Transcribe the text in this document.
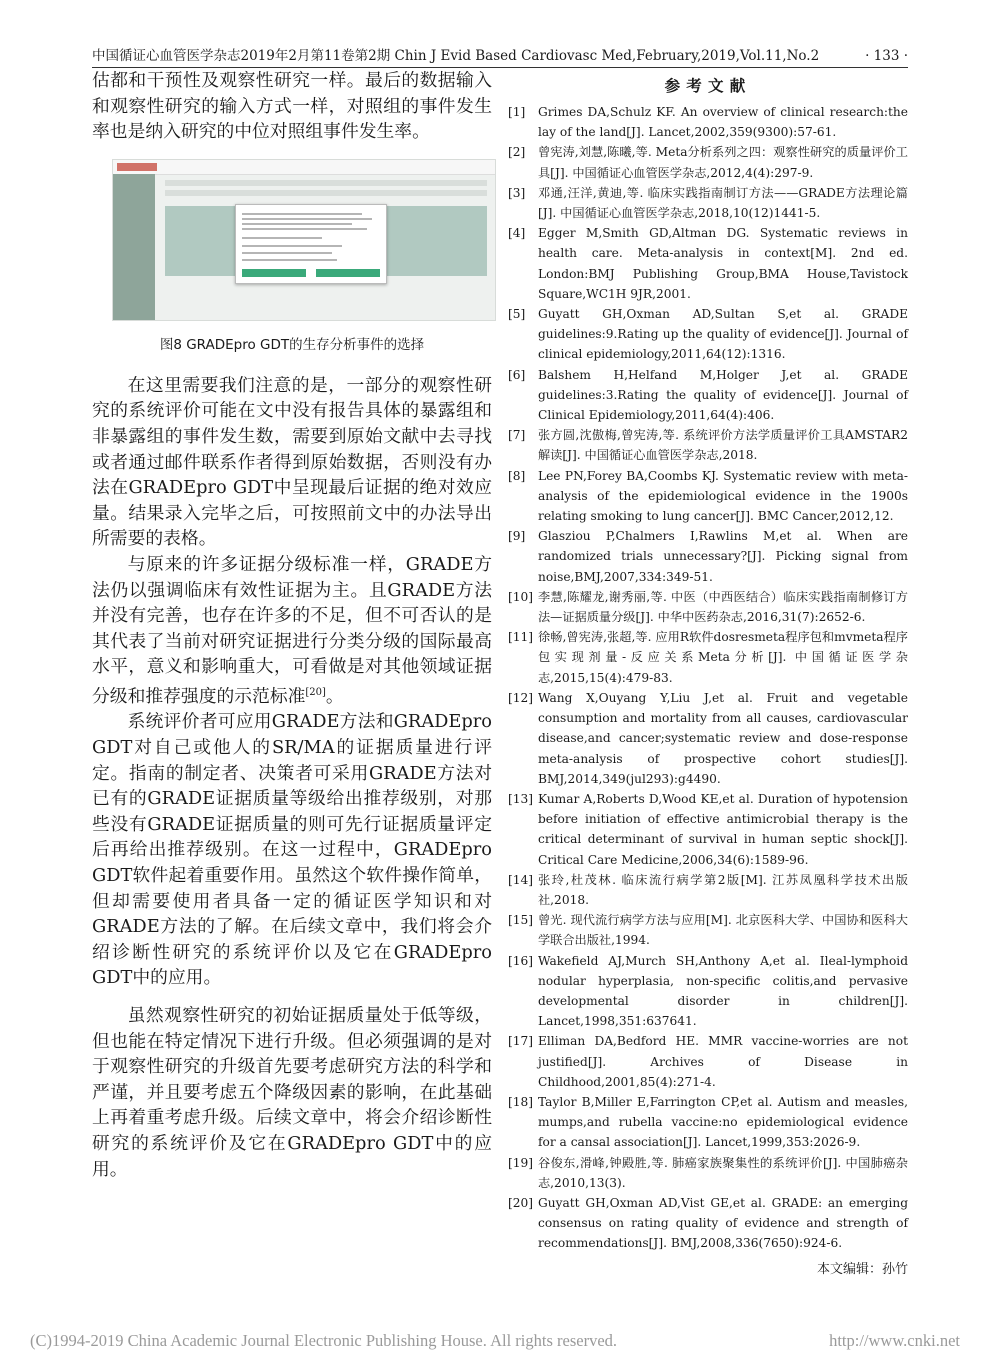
中国循证心血管医学杂志2019年2月第11卷第2期 Chin J Evid Based Cardiovasc Med,February,2019,Vol.11,No.2	· 133 ·

估都和干预性及观察性研究一样。最后的数据输入和观察性研究的输入方式一样，对照组的事件发生率也是纳入研究的中位对照组事件发生率。

图8 GRADEpro GDT的生存分析事件的选择

在这里需要我们注意的是，一部分的观察性研究的系统评价可能在文中没有报告具体的暴露组和非暴露组的事件发生数，需要到原始文献中去寻找或者通过邮件联系作者得到原始数据，否则没有办法在GRADEpro GDT中呈现最后证据的绝对效应量。结果录入完毕之后，可按照前文中的办法导出所需要的表格。

与原来的许多证据分级标准一样，GRADE方法仍以强调临床有效性证据为主。且GRADE方法并没有完善，也存在许多的不足，但不可否认的是其代表了当前对研究证据进行分类分级的国际最高水平，意义和影响重大，可看做是对其他领域证据分级和推荐强度的示范标准[20]。

系统评价者可应用GRADE方法和GRADEpro GDT对自己或他人的SR/MA的证据质量进行评定。指南的制定者、决策者可采用GRADE方法对已有的GRADE证据质量等级给出推荐级别，对那些没有GRADE证据质量的则可先行证据质量评定后再给出推荐级别。在这一过程中，GRADEpro GDT软件起着重要作用。虽然这个软件操作简单，但却需要使用者具备一定的循证医学知识和对GRADE方法的了解。在后续文章中，我们将会介绍诊断性研究的系统评价以及它在GRADEpro GDT中的应用。

虽然观察性研究的初始证据质量处于低等级，但也能在特定情况下进行升级。但必须强调的是对于观察性研究的升级首先要考虑研究方法的科学和严谨，并且要考虑五个降级因素的影响，在此基础上再着重考虑升级。后续文章中，将会介绍诊断性研究的系统评价及它在GRADEpro GDT中的应用。

参考文献
[1]	Grimes DA,Schulz KF. An overview of clinical research:the lay of the land[J]. Lancet,2002,359(9300):57-61.
[2]	曾宪涛,刘慧,陈曦,等. Meta分析系列之四：观察性研究的质量评价工具[J]. 中国循证心血管医学杂志,2012,4(4):297-9.
[3]	邓通,汪洋,黄迪,等. 临床实践指南制订方法——GRADE方法理论篇[J]. 中国循证心血管医学杂志,2018,10(12)1441-5.
[4]	Egger M,Smith GD,Altman DG. Systematic reviews in health care. Meta-analysis in context[M]. 2nd ed. London:BMJ Publishing Group,BMA House,Tavistock Square,WC1H 9JR,2001.
[5]	Guyatt GH,Oxman AD,Sultan S,et al. GRADE guidelines:9.Rating up the quality of evidence[J]. Journal of clinical epidemiology,2011,64(12):1316.
[6]	Balshem H,Helfand M,Holger J,et al. GRADE guidelines:3.Rating the quality of evidence[J]. Journal of Clinical Epidemiology,2011,64(4):406.
[7]	张方圆,沈傲梅,曾宪涛,等. 系统评价方法学质量评价工具AMSTAR2解读[J]. 中国循证心血管医学杂志,2018.
[8]	Lee PN,Forey BA,Coombs KJ. Systematic review with meta-analysis of the epidemiological evidence in the 1900s relating smoking to lung cancer[J]. BMC Cancer,2012,12.
[9]	Glasziou P,Chalmers I,Rawlins M,et al. When are randomized trials unnecessary?[J]. Picking signal from noise,BMJ,2007,334:349-51.
[10] 李慧,陈耀龙,谢秀丽,等. 中医（中西医结合）临床实践指南制修订方法—证据质量分级[J]. 中华中医药杂志,2016,31(7):2652-6.
[11] 徐畅,曾宪涛,张超,等. 应用R软件dosresmeta程序包和mvmeta程序包实现剂量-反应关系Meta分析[J]. 中国循证医学杂志,2015,15(4):479-83.
[12] Wang X,Ouyang Y,Liu J,et al. Fruit and vegetable consumption and mortality from all causes, cardiovascular disease,and cancer;systematic review and dose-response meta-analysis of prospective cohort studies[J]. BMJ,2014,349(jul293):g4490.
[13] Kumar A,Roberts D,Wood KE,et al. Duration of hypotension before initiation of effective antimicrobial therapy is the critical determinant of survival in human septic shock[J]. Critical Care Medicine,2006,34(6):1589-96.
[14] 张玲,杜茂林. 临床流行病学第2版[M]. 江苏凤凰科学技术出版社,2018.
[15] 曾光. 现代流行病学方法与应用[M]. 北京医科大学、中国协和医科大学联合出版社,1994.
[16] Wakefield AJ,Murch SH,Anthony A,et al. Ileal-lymphoid nodular hyperplasia, non-specific colitis,and pervasive developmental disorder in children[J]. Lancet,1998,351:637641.
[17] Elliman DA,Bedford HE. MMR vaccine-worries are not justified[J]. Archives of Disease in Childhood,2001,85(4):271-4.
[18] Taylor B,Miller E,Farrington CP,et al. Autism and measles, mumps,and rubella vaccine:no epidemiological evidence for a cansal association[J]. Lancet,1999,353:2026-9.
[19] 谷俊东,滑峰,钟殿胜,等. 肺癌家族聚集性的系统评价[J]. 中国肺癌杂志,2010,13(3).
[20] Guyatt GH,Oxman AD,Vist GE,et al. GRADE: an emerging consensus on rating quality of evidence and strength of recommendations[J]. BMJ,2008,336(7650):924-6.
本文编辑：孙竹
(C)1994-2019 China Academic Journal Electronic Publishing House. All rights reserved.	http://www.cnki.net
